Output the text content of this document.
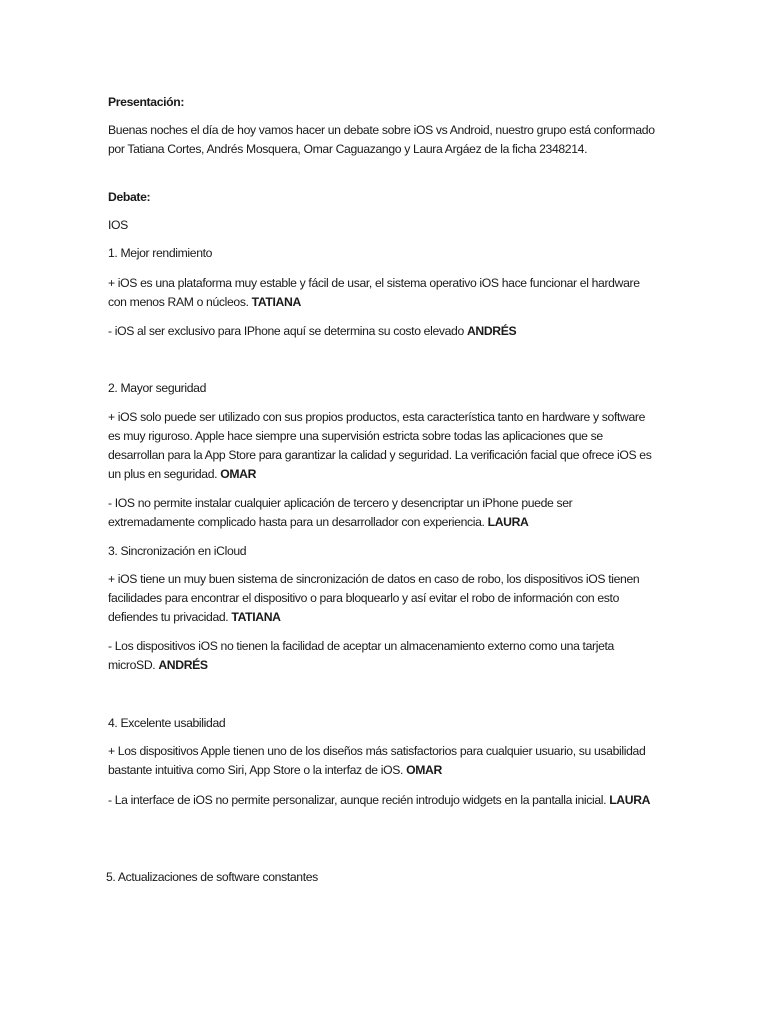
Presentación:

Buenas noches el día de hoy vamos hacer un debate sobre iOS vs Android, nuestro grupo está conformado por Tatiana Cortes, Andrés Mosquera, Omar Caguazango y Laura Argáez de la ficha 2348214.

Debate:

IOS

1. Mejor rendimiento

+ iOS es una plataforma muy estable y fácil de usar, el sistema operativo iOS hace funcionar el hardware con menos RAM o núcleos. TATIANA

- iOS al ser exclusivo para IPhone aquí se determina su costo elevado ANDRÉS

2. Mayor seguridad

+ iOS solo puede ser utilizado con sus propios productos, esta característica tanto en hardware y software es muy riguroso. Apple hace siempre una supervisión estricta sobre todas las aplicaciones que se desarrollan para la App Store para garantizar la calidad y seguridad. La verificación facial que ofrece iOS es un plus en seguridad. OMAR

- IOS no permite instalar cualquier aplicación de tercero y desencriptar un iPhone puede ser extremadamente complicado hasta para un desarrollador con experiencia. LAURA

3. Sincronización en iCloud

+ iOS tiene un muy buen sistema de sincronización de datos en caso de robo, los dispositivos iOS tienen facilidades para encontrar el dispositivo o para bloquearlo y así evitar el robo de información con esto defiendes tu privacidad. TATIANA

- Los dispositivos iOS no tienen la facilidad de aceptar un almacenamiento externo como una tarjeta microSD. ANDRÉS

4. Excelente usabilidad

+ Los dispositivos Apple tienen uno de los diseños más satisfactorios para cualquier usuario, su usabilidad bastante intuitiva como Siri, App Store o la interfaz de iOS. OMAR

- La interface de iOS no permite personalizar, aunque recién introdujo widgets en la pantalla inicial. LAURA

5. Actualizaciones de software constantes
